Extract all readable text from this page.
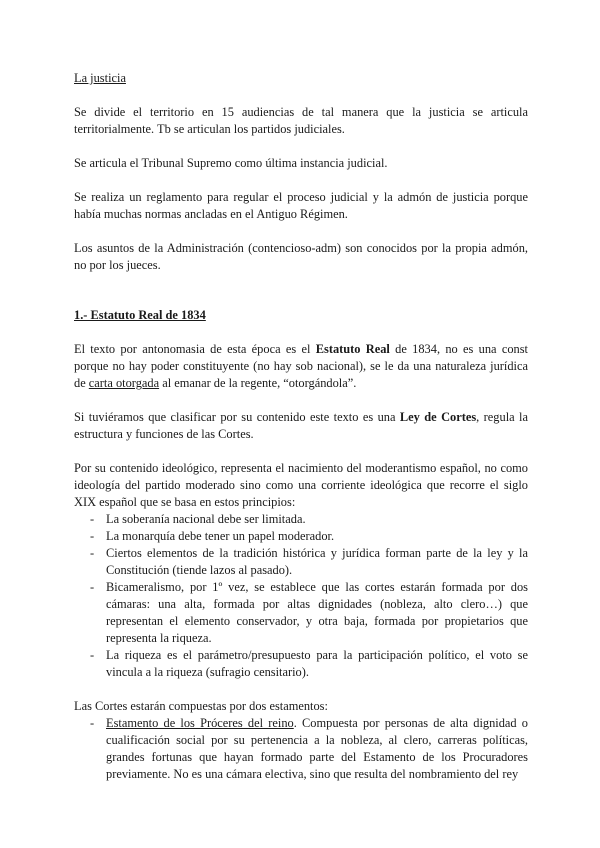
La justicia

Se divide el territorio en 15 audiencias de tal manera que la justicia se articula territorialmente. Tb se articulan los partidos judiciales.

Se articula el Tribunal Supremo como última instancia judicial.

Se realiza un reglamento para regular el proceso judicial y la admón de justicia porque había muchas normas ancladas en el Antiguo Régimen.

Los asuntos de la Administración (contencioso-adm) son conocidos por la propia admón, no por los jueces.

1.- Estatuto Real de 1834

El texto por antonomasia de esta época es el Estatuto Real de 1834, no es una const porque no hay poder constituyente (no hay sob nacional), se le da una naturaleza jurídica de carta otorgada al emanar de la regente, “otorgándola”.

Si tuviéramos que clasificar por su contenido este texto es una Ley de Cortes, regula la estructura y funciones de las Cortes.

Por su contenido ideológico, representa el nacimiento del moderantismo español, no como ideología del partido moderado sino como una corriente ideológica que recorre el siglo XIX español que se basa en estos principios:

- La soberanía nacional debe ser limitada.
- La monarquía debe tener un papel moderador.
- Ciertos elementos de la tradición histórica y jurídica forman parte de la ley y la Constitución (tiende lazos al pasado).
- Bicameralismo, por 1º vez, se establece que las cortes estarán formada por dos cámaras: una alta, formada por altas dignidades (nobleza, alto clero…) que representan el elemento conservador, y otra baja, formada por propietarios que representa la riqueza.
- La riqueza es el parámetro/presupuesto para la participación político, el voto se vincula a la riqueza (sufragio censitario).

Las Cortes estarán compuestas por dos estamentos:

- Estamento de los Próceres del reino. Compuesta por personas de alta dignidad o cualificación social por su pertenencia a la nobleza, al clero, carreras políticas, grandes fortunas que hayan formado parte del Estamento de los Procuradores previamente. No es una cámara electiva, sino que resulta del nombramiento del rey
